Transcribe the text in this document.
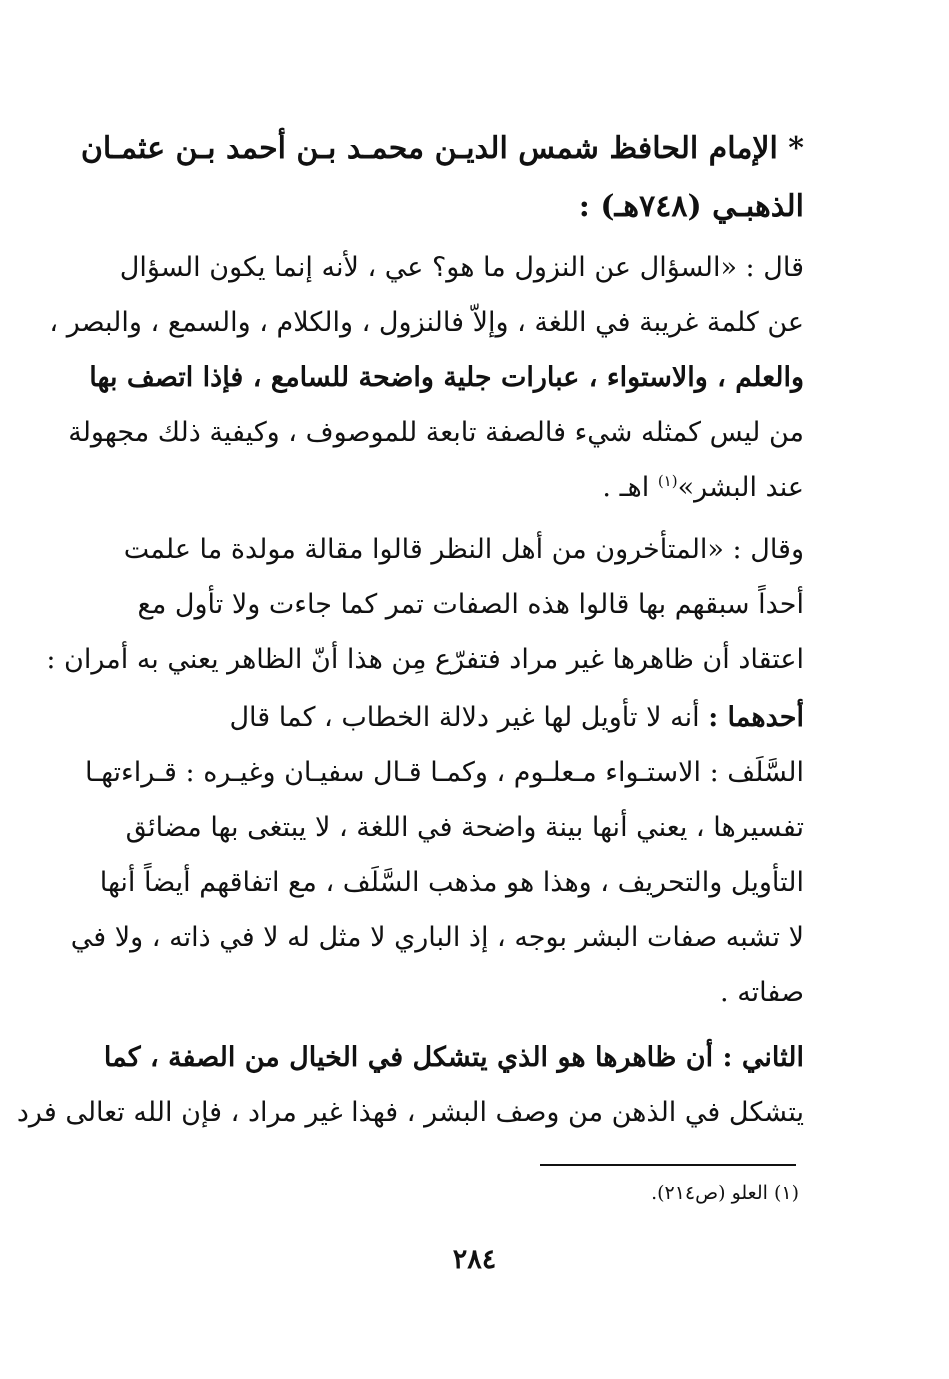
* الإمام الحافظ شمس الديـن محمـد بـن أحمد بـن عثمـان
الذهبـي (٧٤٨هـ) :
قال : «السؤال عن النزول ما هو؟ عي ، لأنه إنما يكون السؤال
عن كلمة غريبة في اللغة ، وإلاّ فالنزول ، والكلام ، والسمع ، والبصر ،
والعلم ، والاستواء ، عبارات جلية واضحة للسامع ، فإذا اتصف بها
من ليس كمثله شيء فالصفة تابعة للموصوف ، وكيفية ذلك مجهولة
عند البشر»$^{(١)}$ اهـ .
وقال : «المتأخرون من أهل النظر قالوا مقالة مولدة ما علمت
أحداً سبقهم بها قالوا هذه الصفات تمر كما جاءت ولا تأول مع
اعتقاد أن ظاهرها غير مراد فتفرّع مِن هذا أنّ الظاهر يعني به أمران :
أحدهما : أنه لا تأويل لها غير دلالة الخطاب ، كما قال
السَّلَف : الاستـواء مـعلـوم ، وكمـا قـال سفيـان وغيـره : قـراءتهـا
تفسيرها ، يعني أنها بينة واضحة في اللغة ، لا يبتغى بها مضائق
التأويل والتحريف ، وهذا هو مذهب السَّلَف ، مع اتفاقهم أيضاً أنها
لا تشبه صفات البشر بوجه ، إذ الباري لا مثل له لا في ذاته ، ولا في
صفاته .
الثاني : أن ظاهرها هو الذي يتشكل في الخيال من الصفة ، كما
يتشكل في الذهن من وصف البشر ، فهذا غير مراد ، فإن الله تعالى فرد
(١) العلو (ص٢١٤).
٢٨٤
